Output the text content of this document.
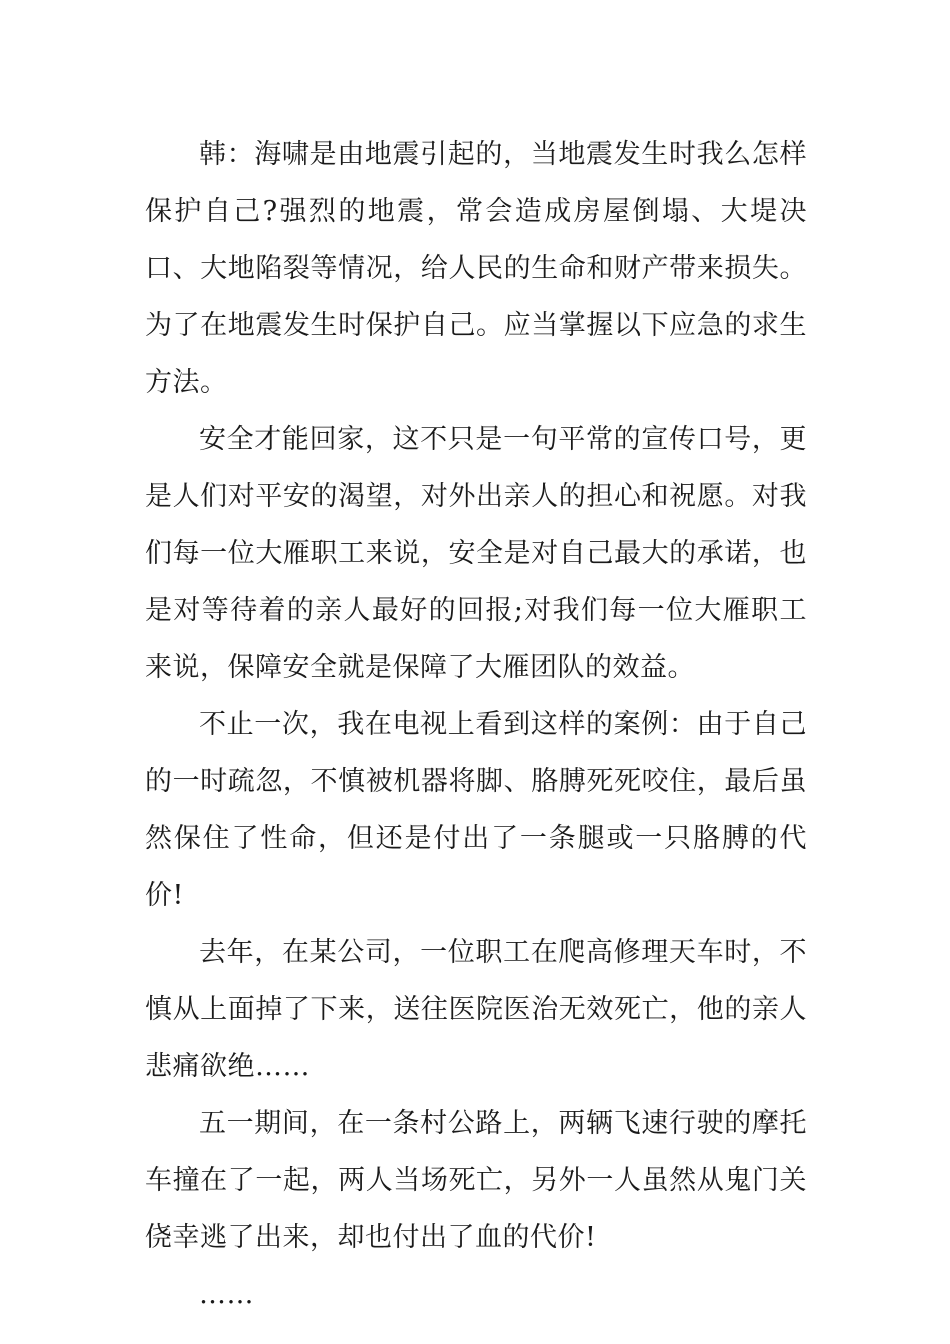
韩：海啸是由地震引起的，当地震发生时我么怎样保护自己?强烈的地震，常会造成房屋倒塌、大堤决口、大地陷裂等情况，给人民的生命和财产带来损失。为了在地震发生时保护自己。应当掌握以下应急的求生方法。

安全才能回家，这不只是一句平常的宣传口号，更是人们对平安的渴望，对外出亲人的担心和祝愿。对我们每一位大雁职工来说，安全是对自己最大的承诺，也是对等待着的亲人最好的回报;对我们每一位大雁职工来说，保障安全就是保障了大雁团队的效益。

不止一次，我在电视上看到这样的案例：由于自己的一时疏忽，不慎被机器将脚、胳膊死死咬住，最后虽然保住了性命，但还是付出了一条腿或一只胳膊的代价!

去年，在某公司，一位职工在爬高修理天车时，不慎从上面掉了下来，送往医院医治无效死亡，他的亲人悲痛欲绝……

五一期间，在一条村公路上，两辆飞速行驶的摩托车撞在了一起，两人当场死亡，另外一人虽然从鬼门关侥幸逃了出来，却也付出了血的代价!

……
